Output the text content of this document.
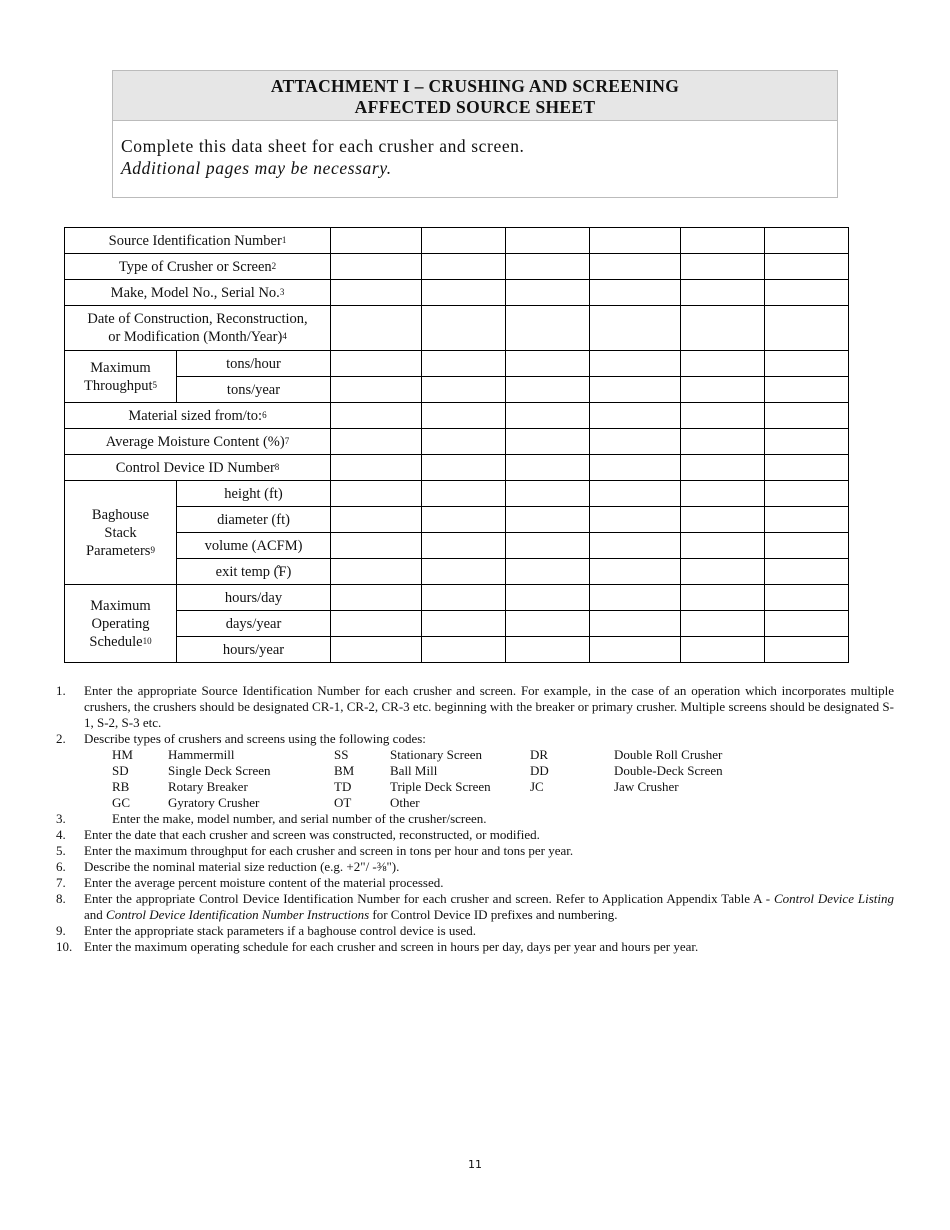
ATTACHMENT I – CRUSHING AND SCREENING
AFFECTED SOURCE SHEET
Complete this data sheet for each crusher and screen.
Additional pages may be necessary.
Source Identification Number$^1$						
Type of Crusher or Screen$^2$						
Make, Model No., Serial No.$^3$						
Date of Construction, Reconstruction,
or Modification (Month/Year)$^4$						
Maximum
Throughput$^5$	tons/hour						
	tons/year						
Material sized from/to:$^6$						
Average Moisture Content (%)$^7$						
Control Device ID Number$^8$						
Baghouse
Stack
Parameters$^9$	height (ft)						
	diameter (ft)						
	volume (ACFM)						
	exit temp (̊F)						
Maximum
Operating
Schedule$^{10}$	hours/day						
	days/year						
	hours/year						
1.	Enter the appropriate Source Identification Number for each crusher and screen. For example, in the case of an operation which incorporates multiple crushers, the crushers should be designated CR-1, CR-2, CR-3 etc. beginning with the breaker or primary crusher. Multiple screens should be designated S-1, S-2, S-3 etc.
2.	Describe types of crushers and screens using the following codes:
HM	Hammermill	SS	Stationary Screen	DR	Double Roll Crusher
SD	Single Deck Screen	BM	Ball Mill	DD	Double-Deck Screen
RB	Rotary Breaker	TD	Triple Deck Screen	JC	Jaw Crusher
GC	Gyratory Crusher	OT	Other
3.	Enter the make, model number, and serial number of the crusher/screen.
4.	Enter the date that each crusher and screen was constructed, reconstructed, or modified.
5.	Enter the maximum throughput for each crusher and screen in tons per hour and tons per year.
6.	Describe the nominal material size reduction (e.g. +2"/ -⅜").
7.	Enter the average percent moisture content of the material processed.
8.	Enter the appropriate Control Device Identification Number for each crusher and screen. Refer to Application Appendix Table A - Control Device Listing and Control Device Identification Number Instructions for Control Device ID prefixes and numbering.
9.	Enter the appropriate stack parameters if a baghouse control device is used.
10. Enter the maximum operating schedule for each crusher and screen in hours per day, days per year and hours per year.
11
